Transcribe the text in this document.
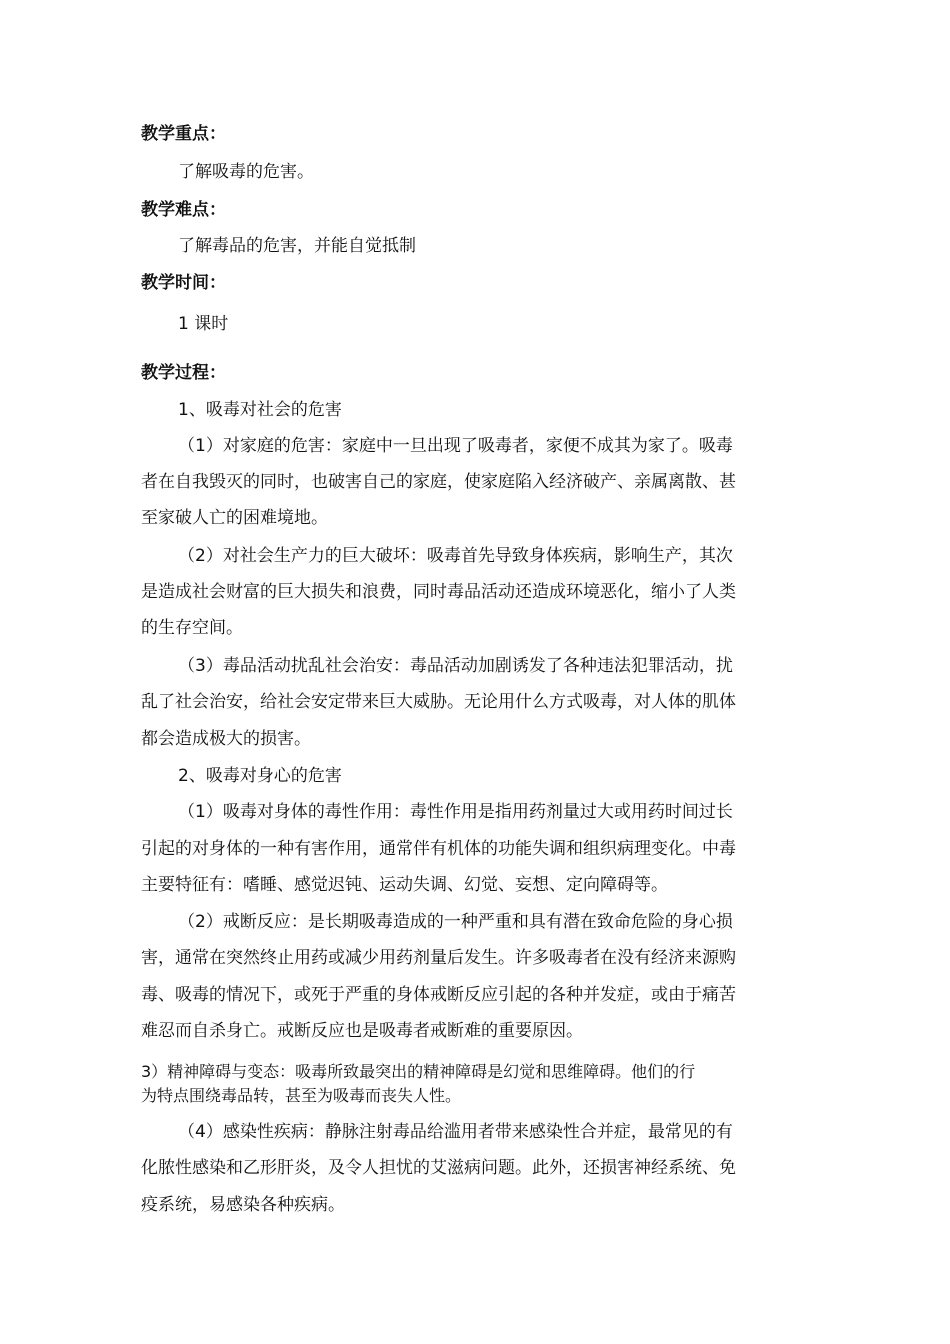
教学重点：
了解吸毒的危害。
教学难点：
了解毒品的危害，并能自觉抵制
教学时间：
1 课时
教学过程：
1、吸毒对社会的危害
（1）对家庭的危害：家庭中一旦出现了吸毒者，家便不成其为家了。吸毒
者在自我毁灭的同时，也破害自己的家庭，使家庭陷入经济破产、亲属离散、甚
至家破人亡的困难境地。
（2）对社会生产力的巨大破坏：吸毒首先导致身体疾病，影响生产，其次
是造成社会财富的巨大损失和浪费，同时毒品活动还造成环境恶化，缩小了人类
的生存空间。
（3）毒品活动扰乱社会治安：毒品活动加剧诱发了各种违法犯罪活动，扰
乱了社会治安，给社会安定带来巨大威胁。无论用什么方式吸毒，对人体的肌体
都会造成极大的损害。
2、吸毒对身心的危害
（1）吸毒对身体的毒性作用：毒性作用是指用药剂量过大或用药时间过长
引起的对身体的一种有害作用，通常伴有机体的功能失调和组织病理变化。中毒
主要特征有：嗜睡、感觉迟钝、运动失调、幻觉、妄想、定向障碍等。
（2）戒断反应：是长期吸毒造成的一种严重和具有潜在致命危险的身心损
害，通常在突然终止用药或减少用药剂量后发生。许多吸毒者在没有经济来源购
毒、吸毒的情况下，或死于严重的身体戒断反应引起的各种并发症，或由于痛苦
难忍而自杀身亡。戒断反应也是吸毒者戒断难的重要原因。
3）精神障碍与变态：吸毒所致最突出的精神障碍是幻觉和思维障碍。他们的行
为特点围绕毒品转，甚至为吸毒而丧失人性。
（4）感染性疾病：静脉注射毒品给滥用者带来感染性合并症，最常见的有
化脓性感染和乙形肝炎，及令人担忧的艾滋病问题。此外，还损害神经系统、免
疫系统，易感染各种疾病。
